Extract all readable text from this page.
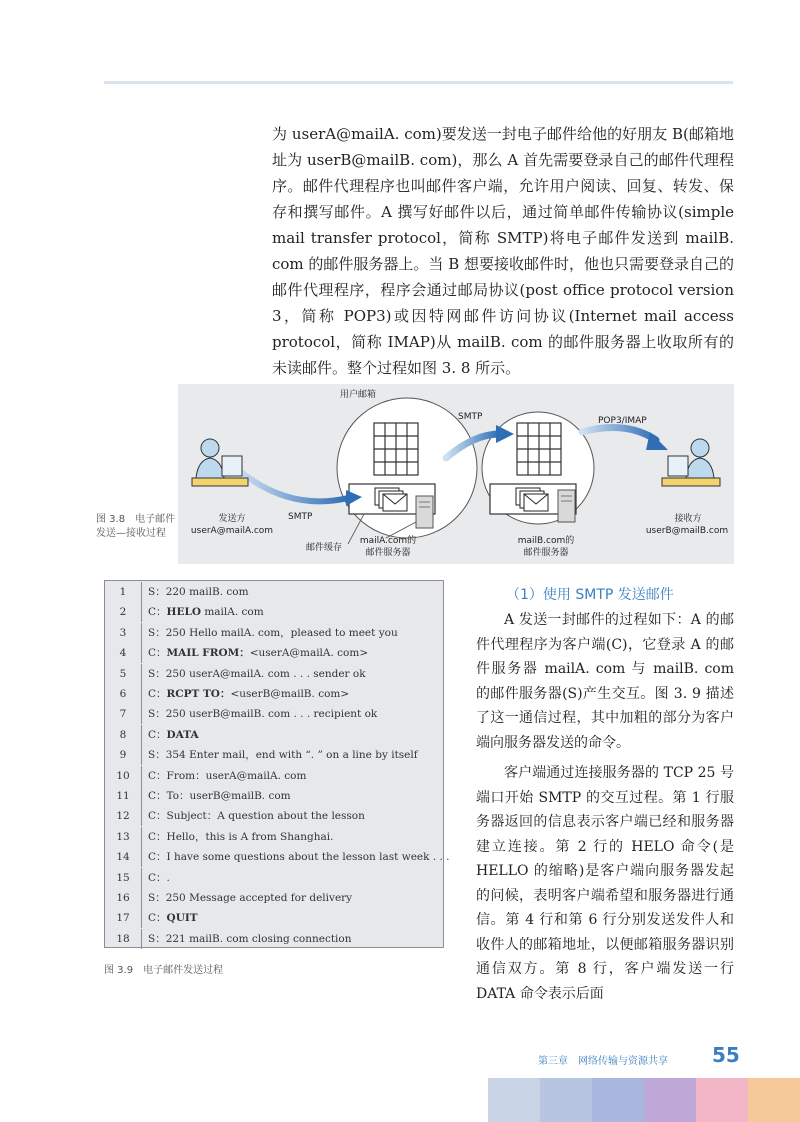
为 userA@mailA. com)要发送一封电子邮件给他的好朋友 B(邮箱地址为 userB@mailB. com)，那么 A 首先需要登录自己的邮件代理程序。邮件代理程序也叫邮件客户端，允许用户阅读、回复、转发、保存和撰写邮件。A 撰写好邮件以后，通过简单邮件传输协议(simple mail transfer protocol，简称 SMTP)将电子邮件发送到 mailB. com 的邮件服务器上。当 B 想要接收邮件时，他也只需要登录自己的邮件代理程序，程序会通过邮局协议(post office protocol version 3，简称 POP3)或因特网邮件访问协议(Internet mail access protocol，简称 IMAP)从 mailB. com 的邮件服务器上收取所有的未读邮件。整个过程如图 3. 8 所示。

用户邮箱
SMTP	POP3/IMAP
SMTP
发送方
userA@mailA.com
接收方
userB@mailB.com
邮件缓存
mailA.com的
邮件服务器
mailB.com的
邮件服务器
图 3.8　电子邮件发送—接收过程
1	S：220 mailB. com
2	C：HELO mailA. com
3	S：250 Hello mailA. com，pleased to meet you
4	C：MAIL FROM：<userA@mailA. com>
5	S：250 userA@mailA. com . . . sender ok
6	C：RCPT TO：<userB@mailB. com>
7	S：250 userB@mailB. com . . . recipient ok
8	C：DATA
9	S：354 Enter mail，end with “. ” on a line by itself
10	C：From：userA@mailA. com
11	C：To：userB@mailB. com
12	C：Subject：A question about the lesson
13	C：Hello，this is A from Shanghai.
14	C：I have some questions about the lesson last week . . .
15	C：.
16	S：250 Message accepted for delivery
17	C：QUIT
18	S：221 mailB. com closing connection
图 3.9　电子邮件发送过程
（1）使用 SMTP 发送邮件

A 发送一封邮件的过程如下：A 的邮件代理程序为客户端(C)，它登录 A 的邮件服务器 mailA. com 与 mailB. com 的邮件服务器(S)产生交互。图 3. 9 描述了这一通信过程，其中加粗的部分为客户端向服务器发送的命令。

客户端通过连接服务器的 TCP 25 号端口开始 SMTP 的交互过程。第 1 行服务器返回的信息表示客户端已经和服务器建立连接。第 2 行的 HELO 命令(是 HELLO 的缩略)是客户端向服务器发起的问候，表明客户端希望和服务器进行通信。第 4 行和第 6 行分别发送发件人和收件人的邮箱地址，以便邮箱服务器识别通信双方。第 8 行，客户端发送一行 DATA 命令表示后面

第三章　网络传输与资源共享 55
